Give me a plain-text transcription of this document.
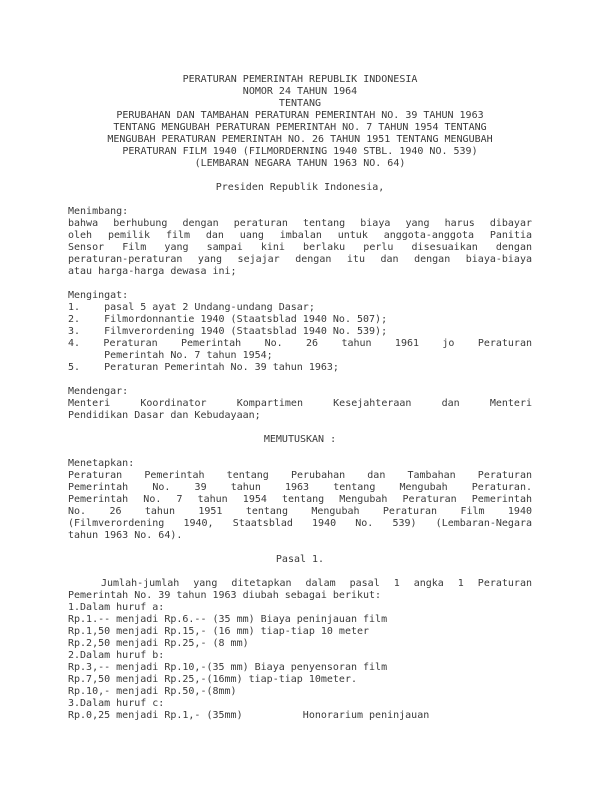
PERATURAN PEMERINTAH REPUBLIK INDONESIA
NOMOR 24 TAHUN 1964
TENTANG
PERUBAHAN DAN TAMBAHAN PERATURAN PEMERINTAH NO. 39 TAHUN 1963
TENTANG MENGUBAH PERATURAN PEMERINTAH NO. 7 TAHUN 1954 TENTANG
MENGUBAH PERATURAN PEMERINTAH NO. 26 TAHUN 1951 TENTANG MENGUBAH
PERATURAN FILM 1940 (FILMORDERNING 1940 STBL. 1940 NO. 539)
(LEMBARAN NEGARA TAHUN 1963 NO. 64)
Presiden Republik Indonesia,
Menimbang:
bahwa berhubung dengan peraturan tentang biaya yang harus dibayar
oleh pemilik film dan uang imbalan untuk anggota-anggota Panitia
Sensor Film yang sampai kini berlaku perlu disesuaikan dengan
peraturan-peraturan yang sejajar dengan itu dan dengan biaya-biaya
atau harga-harga dewasa ini;
Mengingat:
1.    pasal 5 ayat 2 Undang-undang Dasar;
2.    Filmordonnantie 1940 (Staatsblad 1940 No. 507);
3.    Filmverordening 1940 (Staatsblad 1940 No. 539);
4. Peraturan Pemerintah No. 26 tahun 1961 jo Peraturan
Pemerintah No. 7 tahun 1954;
5.    Peraturan Pemerintah No. 39 tahun 1963;
Mendengar:
Menteri Koordinator Kompartimen Kesejahteraan dan Menteri
Pendidikan Dasar dan Kebudayaan;
MEMUTUSKAN :
Menetapkan:
Peraturan Pemerintah tentang Perubahan dan Tambahan Peraturan
Pemerintah No. 39 tahun 1963 tentang Mengubah Peraturan.
Pemerintah No. 7 tahun 1954 tentang Mengubah Peraturan Pemerintah
No. 26 tahun 1951 tentang Mengubah Peraturan Film 1940
(Filmverordening 1940, Staatsblad 1940 No. 539) (Lembaran-Negara
tahun 1963 No. 64).
Pasal 1.
Jumlah-jumlah yang ditetapkan dalam pasal 1 angka 1 Peraturan
Pemerintah No. 39 tahun 1963 diubah sebagai berikut:
1.Dalam huruf a:
Rp.1.-- menjadi Rp.6.-- (35 mm) Biaya peninjauan film
Rp.1,50 menjadi Rp.15,- (16 mm) tiap-tiap 10 meter
Rp.2,50 menjadi Rp.25,- (8 mm)
2.Dalam huruf b:
Rp.3,-- menjadi Rp.10,-(35 mm) Biaya penyensoran film
Rp.7,50 menjadi Rp.25,-(16mm) tiap-tiap 10meter.
Rp.10,- menjadi Rp.50,-(8mm)
3.Dalam huruf c:
Rp.0,25 menjadi Rp.1,- (35mm)          Honorarium peninjauan
